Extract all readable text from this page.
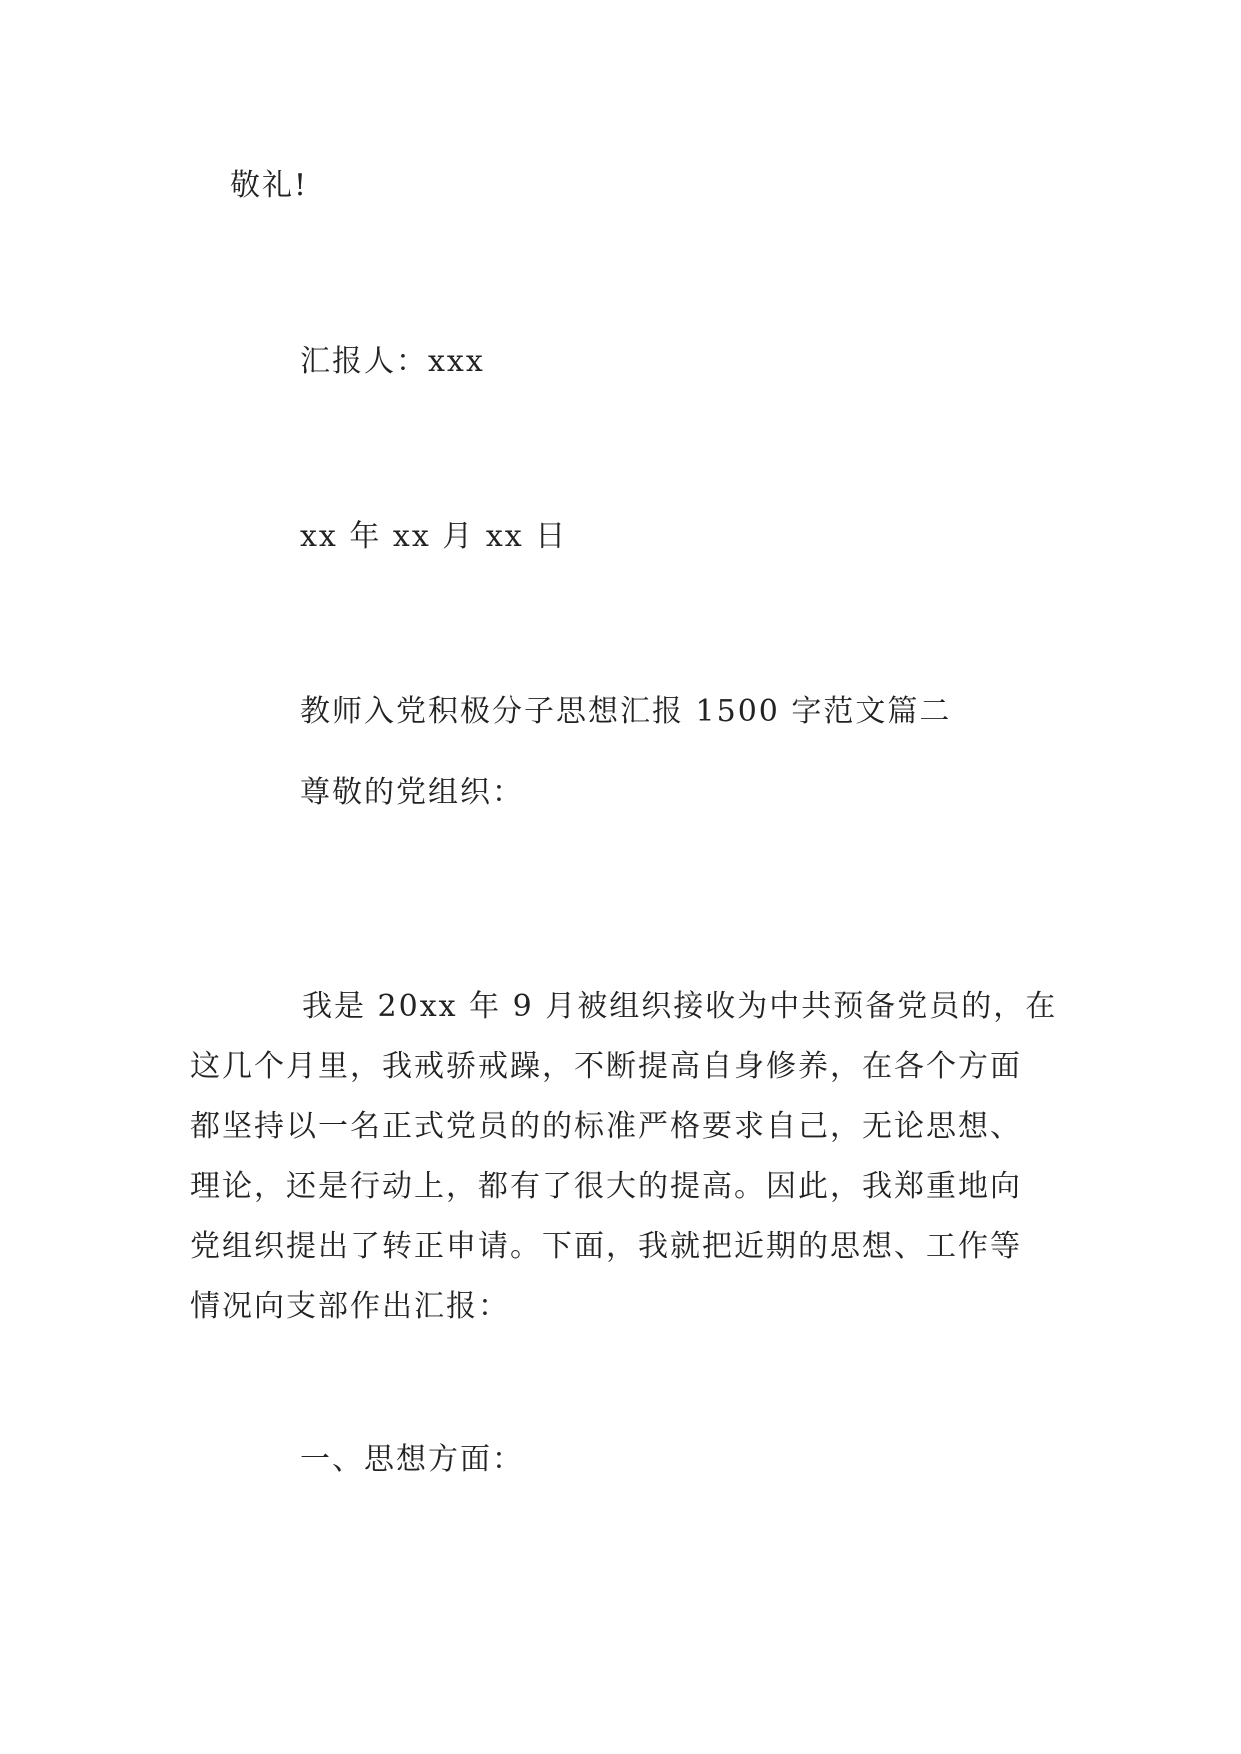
敬礼!
汇报人：xxx
xx 年 xx 月 xx 日
教师入党积极分子思想汇报 1500 字范文篇二
尊敬的党组织：
我是 20xx 年 9 月被组织接收为中共预备党员的，在
这几个月里，我戒骄戒躁，不断提高自身修养，在各个方面
都坚持以一名正式党员的的标准严格要求自己，无论思想、
理论，还是行动上，都有了很大的提高。因此，我郑重地向
党组织提出了转正申请。下面，我就把近期的思想、工作等
情况向支部作出汇报：
一、思想方面：
